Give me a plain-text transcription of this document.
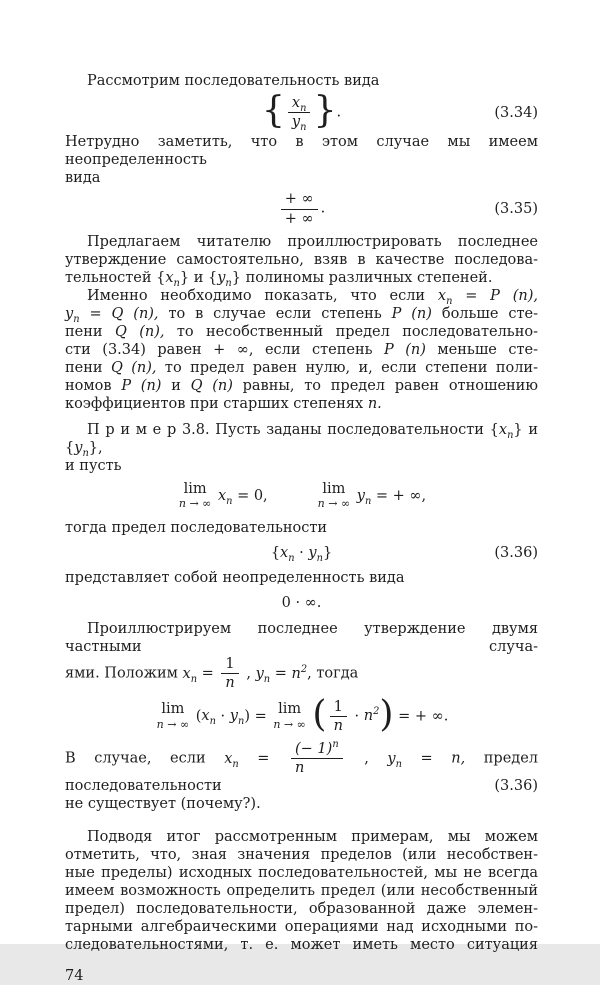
Рассмотрим последовательность вида
{ $\frac{x_n}{y_n}$ }.	(3.34)
Нетрудно заметить, что в этом случае мы имеем неопределенность
вида
$\frac{+ \infty}{+ \infty}$ .	(3.35)
Предлагаем читателю проиллюстрировать последнее
утверждение самостоятельно, взяв в качестве последова-
тельностей $\{x_n\}$ и $\{y_n\}$ полиномы различных степеней.
Именно необходимо показать, что если $x_n = P$ (n),
$y_n = Q$ (n), то в случае если степень P (n) больше сте-
пени Q (n), то несобственный предел последовательно-
сти (3.34) равен + ∞, если степень P (n) меньше сте-
пени Q (n), то предел равен нулю, и, если степени поли-
номов P (n) и Q (n) равны, то предел равен отношению
коэффициентов при старших степенях n.
П р и м е р 3.8. Пусть заданы последовательности $\{x_n\}$ и $\{y_n\}$,
и пусть
lim
n → ∞ $x_n = 0$,	lim
n → ∞ $y_n$ = + ∞,
тогда предел последовательности
$\{x_n \cdot y_n\}$	(3.36)
представляет собой неопределенность вида
0 · ∞.
Проиллюстрируем последнее утверждение двумя частными случа-
ями. Положим $x_n = \frac{1}{n}$ , $y_n = n^2$, тогда
lim
n → ∞ $(x_n \cdot y_n) = \lim$
n → ∞ ( $\frac{1}{n} \cdot n^2$) = + ∞.
В случае, если $x_n = \frac{(- 1)^n}{n}$ , $y_n = n$, предел последовательности (3.36)
не существует (почему?).
Подводя итог рассмотренным примерам, мы можем
отметить, что, зная значения пределов (или несобствен-
ные пределы) исходных последовательностей, мы не всегда
имеем возможность определить предел (или несобственный
предел) последовательности, образованной даже элемен-
тарными алгебраическими операциями над исходными по-
следовательностями, т. е. может иметь место ситуация
74
